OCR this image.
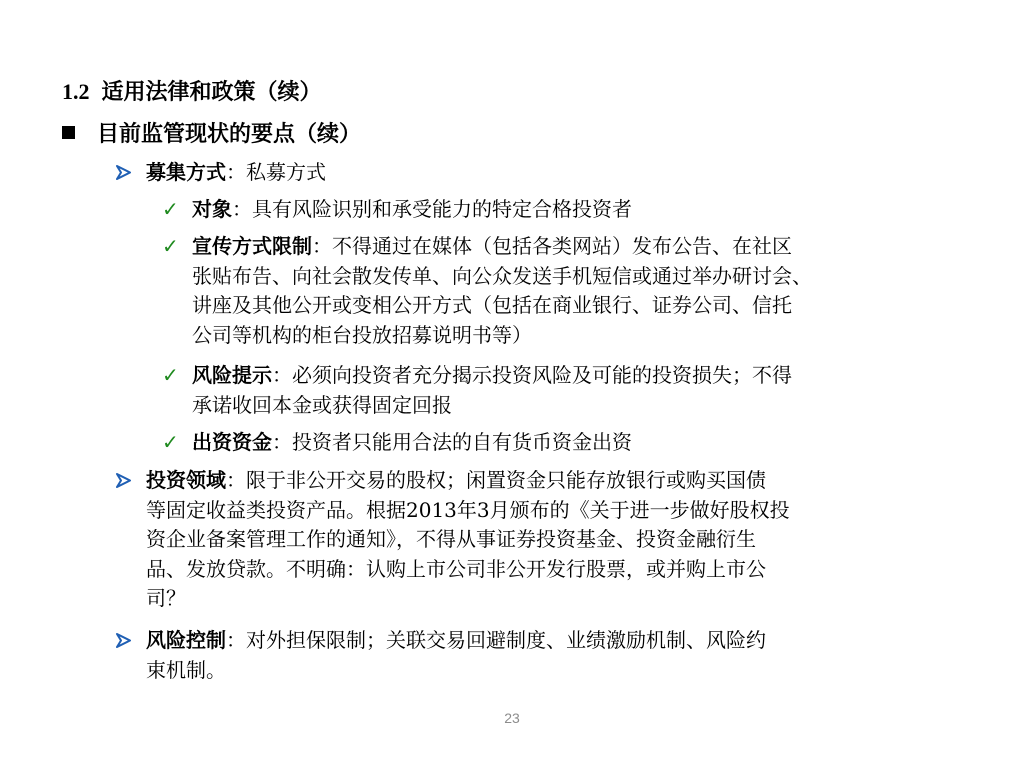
1.2 适用法律和政策（续）
目前监管现状的要点（续）
募集方式：私募方式
✓ 对象：具有风险识别和承受能力的特定合格投资者
✓ 宣传方式限制：不得通过在媒体（包括各类网站）发布公告、在社区
张贴布告、向社会散发传单、向公众发送手机短信或通过举办研讨会、
讲座及其他公开或变相公开方式（包括在商业银行、证券公司、信托
公司等机构的柜台投放招募说明书等）
✓ 风险提示：必须向投资者充分揭示投资风险及可能的投资损失；不得
承诺收回本金或获得固定回报
✓ 出资资金：投资者只能用合法的自有货币资金出资
投资领域：限于非公开交易的股权；闲置资金只能存放银行或购买国债
等固定收益类投资产品。根据2013年3月颁布的《关于进一步做好股权投
资企业备案管理工作的通知》，不得从事证券投资基金、投资金融衍生
品、发放贷款。不明确：认购上市公司非公开发行股票，或并购上市公
司？
风险控制：对外担保限制；关联交易回避制度、业绩激励机制、风险约
束机制。
23
